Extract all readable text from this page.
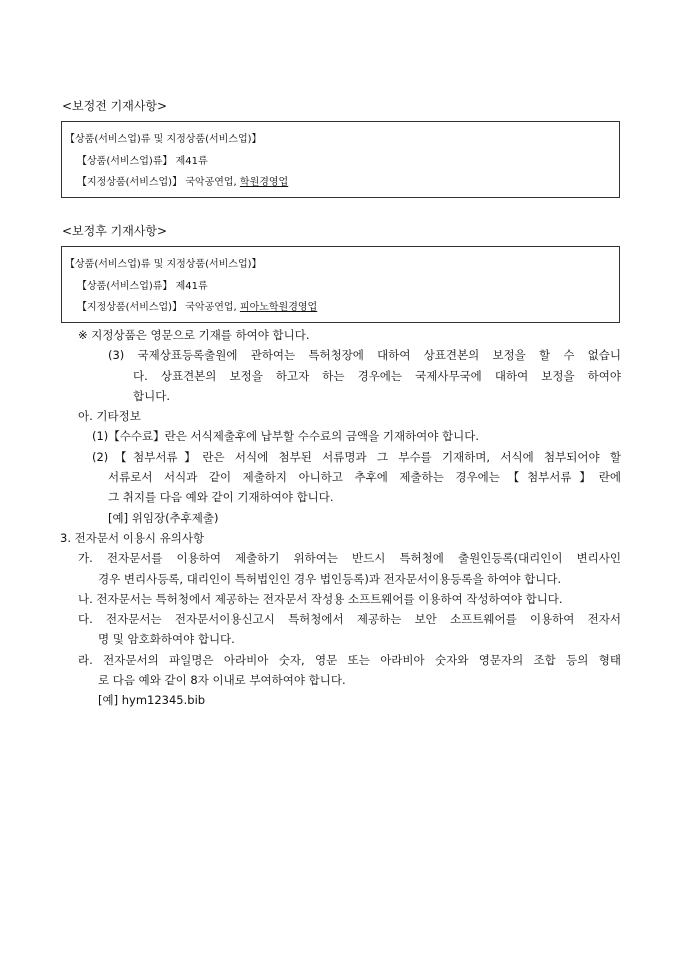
<보정전 기재사항>
【상품(서비스업)류 및 지정상품(서비스업)】
【상품(서비스업)류】 제41류
【지정상품(서비스업)】 국악공연업, 학원경영업
<보정후 기재사항>
【상품(서비스업)류 및 지정상품(서비스업)】
【상품(서비스업)류】 제41류
【지정상품(서비스업)】 국악공연업, 피아노학원경영업
※ 지정상품은 영문으로 기재를 하여야 합니다.
(3) 국제상표등록출원에 관하여는 특허청장에 대하여 상표견본의 보정을 할 수 없습니
다. 상표견본의 보정을 하고자 하는 경우에는 국제사무국에 대하여 보정을 하여야
합니다.
아. 기타정보
(1)【수수료】란은 서식제출후에 납부할 수수료의 금액을 기재하여야 합니다.
(2)【첨부서류】란은 서식에 첨부된 서류명과 그 부수를 기재하며, 서식에 첨부되어야 할
서류로서 서식과 같이 제출하지 아니하고 추후에 제출하는 경우에는【첨부서류】란에
그 취지를 다음 예와 같이 기재하여야 합니다.
[예] 위임장(추후제출)
3. 전자문서 이용시 유의사항
가. 전자문서를 이용하여 제출하기 위하여는 반드시 특허청에 출원인등록(대리인이 변리사인
경우 변리사등록, 대리인이 특허법인인 경우 법인등록)과 전자문서이용등록을 하여야 합니다.
나. 전자문서는 특허청에서 제공하는 전자문서 작성용 소프트웨어를 이용하여 작성하여야 합니다.
다. 전자문서는 전자문서이용신고시 특허청에서 제공하는 보안 소프트웨어를 이용하여 전자서
명 및 암호화하여야 합니다.
라. 전자문서의 파일명은 아라비아 숫자, 영문 또는 아라비아 숫자와 영문자의 조합 등의 형태
로 다음 예와 같이 8자 이내로 부여하여야 합니다.
[예] hym12345.bib
